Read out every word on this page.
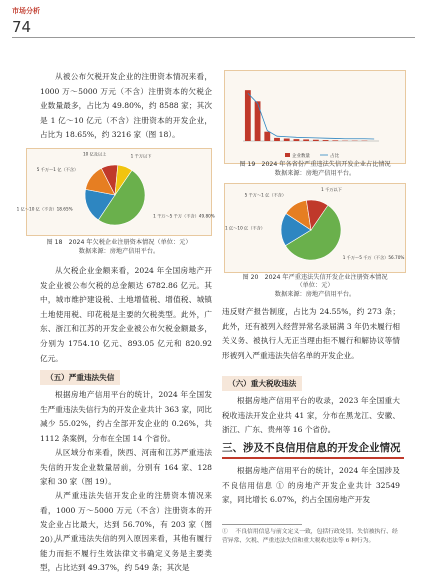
市场分析
74
从被公布欠税开发企业的注册资本情况来看，1000 万～5000 万元（不含）注册资本的欠税企业数量最多，占比为 49.80%，约 8588 家；其次是 1 亿～10 亿元（不含）注册资本的开发企业，占比为 18.65%，约 3216 家（图 18）。
1 千万～5 千万（不含）49.80%
1 亿～10 亿（不含）18.65%
5 千万～1 亿（不含）
10 亿及以上	1 千万以下
图 18　2024 年欠税企业注册资本情况（单位：元）
数据来源：房地产信用平台。
从欠税企业金额来看，2024 年全国房地产开发企业被公布欠税的总金额达 6782.86 亿元。其中，城市维护建设税、土地增值税、增值税、城镇土地使用税、印花税是主要的欠税类型。此外，广东、浙江和江苏的开发企业被公布欠税金额最多，分别为 1754.10 亿元、893.05 亿元和 820.92 亿元。
（五）严重违法失信
根据房地产信用平台的统计，2024 年全国发生严重违法失信行为的开发企业共计 363 家，同比减少 55.02%，约占全部开发企业的 0.26%，共 1112 条案例，分布在全国 14 个省份。
从区域分布来看，陕西、河南和江苏严重违法失信的开发企业数量居前，分别有 164 家、128 家和 30 家（图 19）。
从严重违法失信开发企业的注册资本情况来看，1000 万～5000 万元（不含）注册资本的开发企业占比最大，达到 56.70%，有 203 家（图 20）。
从严重违法失信的列入原因来看，其他有履行能力而拒不履行生效法律文书确定义务是主要类型，占比达到 49.37%，约 549 条；其次是
企业数量	占比
图 19　2024 年各省份严重违法失信开发企业占比情况
数据来源：房地产信用平台。
1 千万～5 千万（不含）56.70%
1 亿～10 亿（不含）
5 千万～1 亿（不含）
1 千万以下
图 20　2024 年严重违法失信开发企业注册资本情况
（单位：元）
数据来源：房地产信用平台。
违反财产报告制度，占比为 24.55%，约 273 条；此外，还有被列入经营异常名录届满 3 年仍未履行相关义务、被执行人无正当理由拒不履行和解协议等情形被列入严重违法失信名单的开发企业。
（六）重大税收违法
根据房地产信用平台的收录，2023 年全国重大税收违法开发企业共 41 家，分布在黑龙江、安徽、浙江、广东、贵州等 16 个省份。
三、涉及不良信用信息的开发企业情况
根据房地产信用平台的统计，2024 年全国涉及不良信用信息 ① 的房地产开发企业共计 32549 家，同比增长 6.07%，约占全国房地产开发
① 　不良信用信息与前文定义一致，包括行政处罚、失信被执行、经营异常、欠税、严重违法失信和重大税收违法等 6 种行为。
